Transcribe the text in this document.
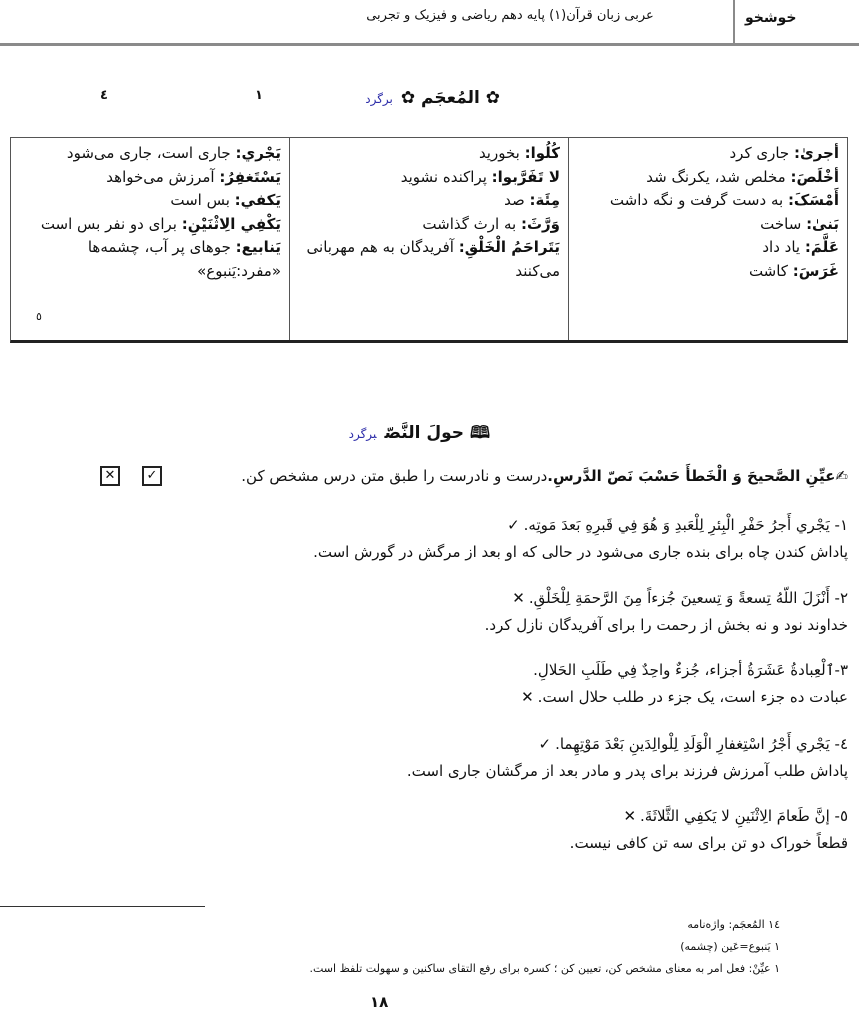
خوشخو
عربی زبان قرآن(۱) پایه دهم ریاضی و فیزیک و تجربی
٤	۱	✿ المُعجَم ✿برگرد
أجریٰ: جاری کرد
أخْلَصَ: مخلص شد، یکرنگ شد
أَمْسَکَ: به دست گرفت و نگه داشت
بَنیٰ: ساخت
عَلَّمَ: یاد داد
غَرَسَ: کاشت
كُلُوا: بخورید
لا تَفَرَّبوا: پراکنده نشوید
مِئَة: صد
وَرَّثَ: به ارث گذاشت
يَتَراحَمُ الْخَلْقِ: آفریدگان به هم مهربانی می‌کنند
يَجْري: جاری است، جاری می‌شود
يَسْتَغفِرُ: آمرزش می‌خواهد
يَكفي: بس است
يَكْفِي الِاثْنَيْنِ: برای دو نفر بس است
يَنابيع: جوهای پر آب، چشمه‌ها
«مفرد:يَنبوع»
٥
🕮 حولَ النَّصّبرگرد
✍
عيِّنِ الصَّحيحَ وَ الْخَطأَ حَسْبَ نَصّ الدَّرسِ.
درست‌ و نادرست را طبق متن درس مشخص کن.
✓
✕
١- يَجْري أَجرُ حَفْرِ الْبِئرِ لِلْعَبدِ وَ هُوَ فِي قَبرِهِ بَعدَ مَوتِه.✓
پاداش کندن چاه برای بنده جاری می‌شود در حالی که او بعد از مرگش در گورش است.
٢- أَنْزَلَ اللّهُ تِسعةً وَ تِسعينَ جُزءاً مِنَ الرَّحمَةِ لِلْخَلْقِ.✕
خداوند نود و نه بخش از رحمت را برای آفریدگان نازل کرد.
٣-ٱلْعِبادةُ عَشَرَةُ أجزاء، جُزءٌ واحِدٌ فِي طَلَبِ الحَلالِ.
عبادت ده جزء است، یک جزء در طلب حلال است.✕
٤- يَجْري أَجْرُ اسْتِغفارِ الْوَلَدِ لِلْوالِدَينِ بَعْدَ مَوْتِهِما.✓
پاداش طلب آمرزش فرزند برای پدر و مادر بعد از مرگشان جاری است.
٥- إنَّ طَعامَ الِاثْنَينِ لا يَكفِي الثَّلاثَةَ.✕
قطعاً خوراک دو تن برای سه تن کافی نیست.
۱٤ المُعجَم: واژه‌نامه
۱ يَنبوع=عَين (چشمه)
۱ عيِّنْ: فعل امر به معنای مشخص کن، تعیین کن ؛ کسره برای رفع التقای ساکنین و سهولت تلفظ است.
۱۸
